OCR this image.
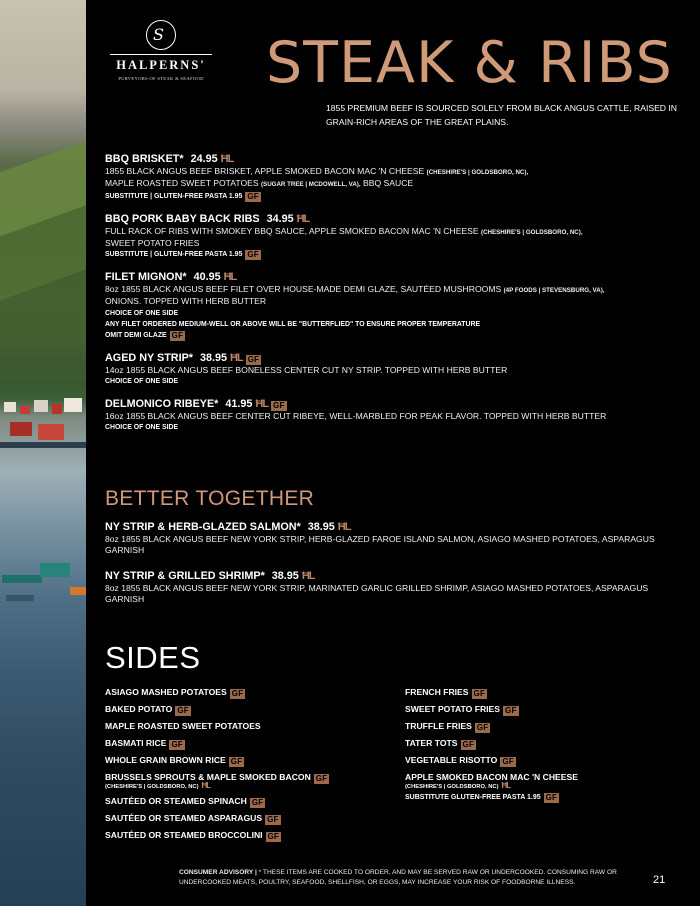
S
HALPERNS'
PURVEYORS OF STEAK & SEAFOOD STEAK & RIBS
1855 PREMIUM BEEF IS SOURCED SOLELY FROM BLACK ANGUS CATTLE, RAISED IN GRAIN-RICH AREAS OF THE GREAT PLAINS.
BBQ BRISKET* 24.95 ĦL
1855 BLACK ANGUS BEEF BRISKET, APPLE SMOKED BACON MAC 'N CHEESE (CHESHIRE'S | GOLDSBORO, NC),
MAPLE ROASTED SWEET POTATOES (SUGAR TREE | MCDOWELL, VA), BBQ SAUCE
SUBSTITUTE | GLUTEN-FREE PASTA 1.95 GF
BBQ PORK BABY BACK RIBS 34.95 ĦL
FULL RACK OF RIBS WITH SMOKEY BBQ SAUCE, APPLE SMOKED BACON MAC 'N CHEESE (CHESHIRE'S | GOLDSBORO, NC),
SWEET POTATO FRIES
SUBSTITUTE | GLUTEN-FREE PASTA 1.95 GF
FILET MIGNON* 40.95 ĦL
8oz 1855 BLACK ANGUS BEEF FILET OVER HOUSE-MADE DEMI GLAZE, SAUTÉED MUSHROOMS (4P FOODS | STEVENSBURG, VA),
ONIONS. TOPPED WITH HERB BUTTER
CHOICE OF ONE SIDE
ANY FILET ORDERED MEDIUM-WELL OR ABOVE WILL BE "BUTTERFLIED" TO ENSURE PROPER TEMPERATURE
OMIT DEMI GLAZE GF
AGED NY STRIP* 38.95 ĦL GF
14oz 1855 BLACK ANGUS BEEF BONELESS CENTER CUT NY STRIP. TOPPED WITH HERB BUTTER
CHOICE OF ONE SIDE
DELMONICO RIBEYE* 41.95 ĦL GF
16oz 1855 BLACK ANGUS BEEF CENTER CUT RIBEYE, WELL-MARBLED FOR PEAK FLAVOR. TOPPED WITH HERB BUTTER
CHOICE OF ONE SIDE
BETTER TOGETHER
NY STRIP & HERB-GLAZED SALMON* 38.95 ĦL
8oz 1855 BLACK ANGUS BEEF NEW YORK STRIP, HERB-GLAZED FAROE ISLAND SALMON, ASIAGO MASHED POTATOES, ASPARAGUS GARNISH
NY STRIP & GRILLED SHRIMP* 38.95 ĦL
8oz 1855 BLACK ANGUS BEEF NEW YORK STRIP, MARINATED GARLIC GRILLED SHRIMP, ASIAGO MASHED POTATOES, ASPARAGUS GARNISH
SIDES
ASIAGO MASHED POTATOES GF
BAKED POTATO GF
MAPLE ROASTED SWEET POTATOES
BASMATI RICE GF
WHOLE GRAIN BROWN RICE GF
BRUSSELS SPROUTS & MAPLE SMOKED BACON GF
(CHESHIRE'S | GOLDSBORO, NC) ĦL
SAUTÉED OR STEAMED SPINACH GF
SAUTÉED OR STEAMED ASPARAGUS GF
SAUTÉED OR STEAMED BROCCOLINI GF
FRENCH FRIES GF
SWEET POTATO FRIES GF
TRUFFLE FRIES GF
TATER TOTS GF
VEGETABLE RISOTTO GF
APPLE SMOKED BACON MAC 'N CHEESE
(CHESHIRE'S | GOLDSBORO, NC) ĦL
SUBSTITUTE GLUTEN-FREE PASTA 1.95 GF
CONSUMER ADVISORY | * THESE ITEMS ARE COOKED TO ORDER, AND MAY BE SERVED RAW OR UNDERCOOKED. CONSUMING RAW OR UNDERCOOKED MEATS, POULTRY, SEAFOOD, SHELLFISH, OR EGGS, MAY INCREASE YOUR RISK OF FOODBORNE ILLNESS.	21
